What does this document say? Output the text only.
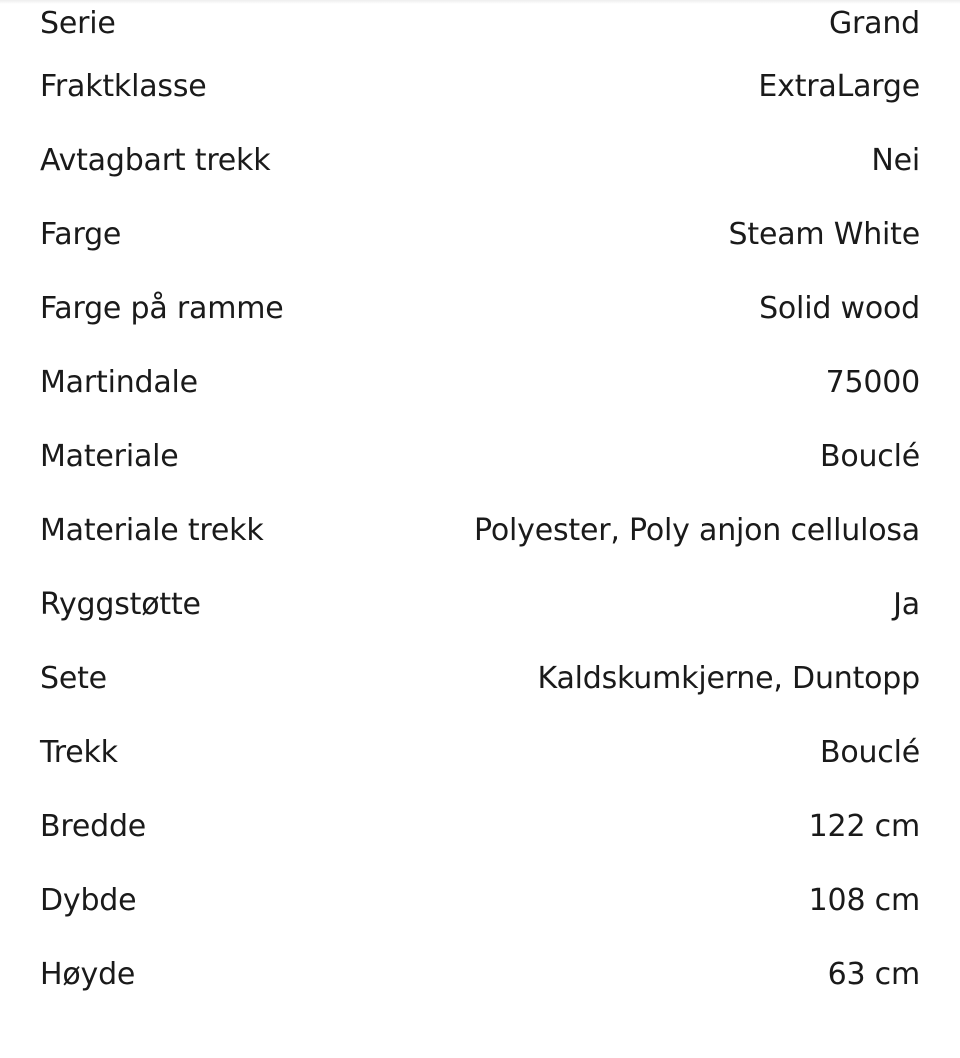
Serie	Grand
Fraktklasse	ExtraLarge
Avtagbart trekk	Nei
Farge	Steam White
Farge på ramme	Solid wood
Martindale	75000
Materiale	Bouclé
Materiale trekk	Polyester, Poly anjon cellulosa
Ryggstøtte	Ja
Sete	Kaldskumkjerne, Duntopp
Trekk	Bouclé
Bredde	122 cm
Dybde	108 cm
Høyde	63 cm
